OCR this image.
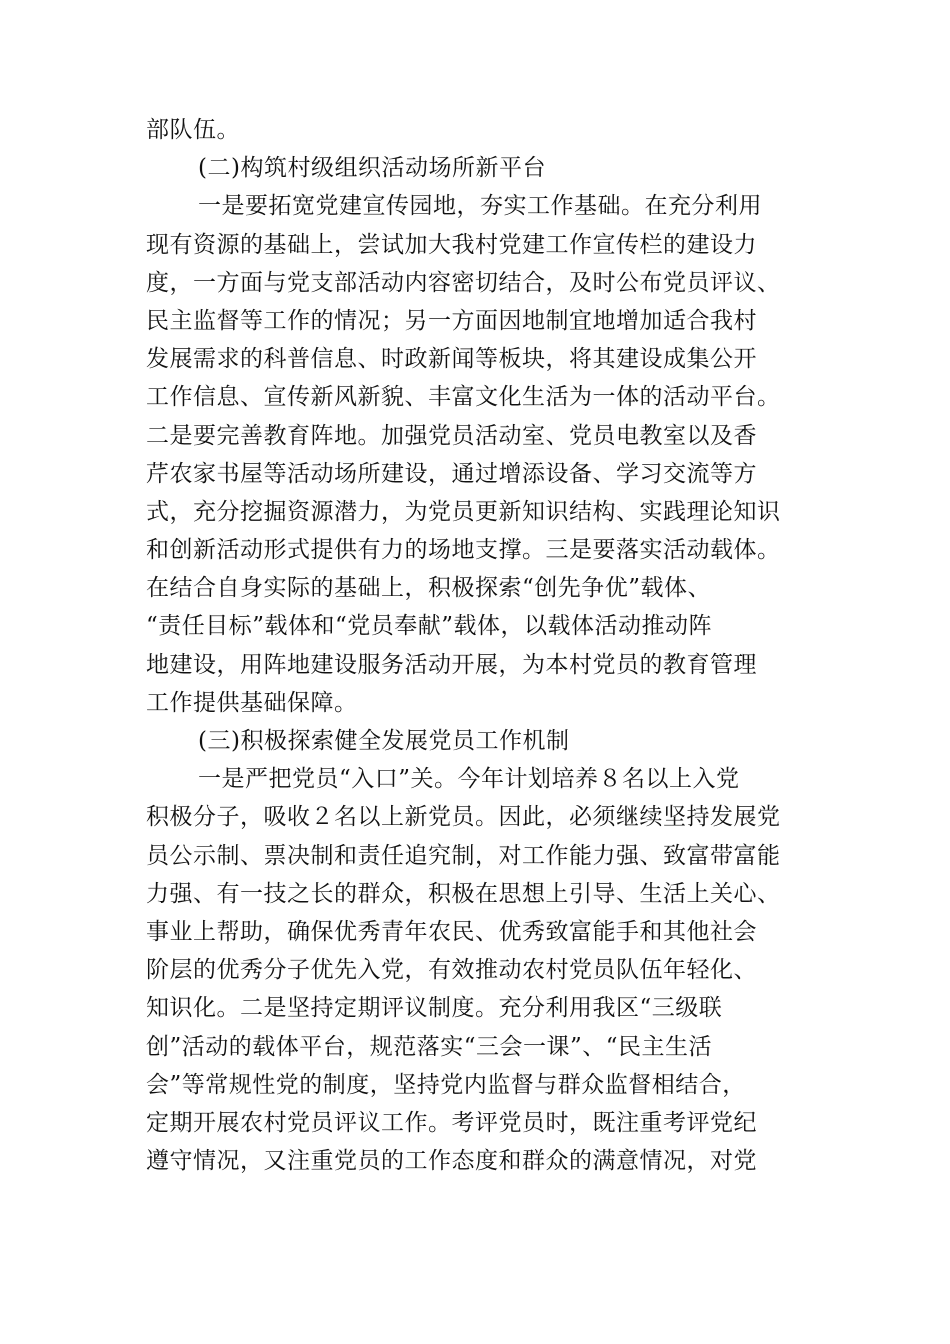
部队伍。
(二)构筑村级组织活动场所新平台
一是要拓宽党建宣传园地，夯实工作基础。在充分利用
现有资源的基础上，尝试加大我村党建工作宣传栏的建设力
度，一方面与党支部活动内容密切结合，及时公布党员评议、
民主监督等工作的情况；另一方面因地制宜地增加适合我村
发展需求的科普信息、时政新闻等板块，将其建设成集公开
工作信息、宣传新风新貌、丰富文化生活为一体的活动平台。
二是要完善教育阵地。加强党员活动室、党员电教室以及香
芹农家书屋等活动场所建设，通过增添设备、学习交流等方
式，充分挖掘资源潜力，为党员更新知识结构、实践理论知识
和创新活动形式提供有力的场地支撑。三是要落实活动载体。
在结合自身实际的基础上，积极探索“创先争优”载体、
“责任目标”载体和“党员奉献”载体，以载体活动推动阵
地建设，用阵地建设服务活动开展，为本村党员的教育管理
工作提供基础保障。
(三)积极探索健全发展党员工作机制
一是严把党员“入口”关。今年计划培养８名以上入党
积极分子，吸收２名以上新党员。因此，必须继续坚持发展党
员公示制、票决制和责任追究制，对工作能力强、致富带富能
力强、有一技之长的群众，积极在思想上引导、生活上关心、
事业上帮助，确保优秀青年农民、优秀致富能手和其他社会
阶层的优秀分子优先入党，有效推动农村党员队伍年轻化、
知识化。二是坚持定期评议制度。充分利用我区“三级联
创”活动的载体平台，规范落实“三会一课”、“民主生活
会”等常规性党的制度，坚持党内监督与群众监督相结合，
定期开展农村党员评议工作。考评党员时，既注重考评党纪
遵守情况，又注重党员的工作态度和群众的满意情况，对党
